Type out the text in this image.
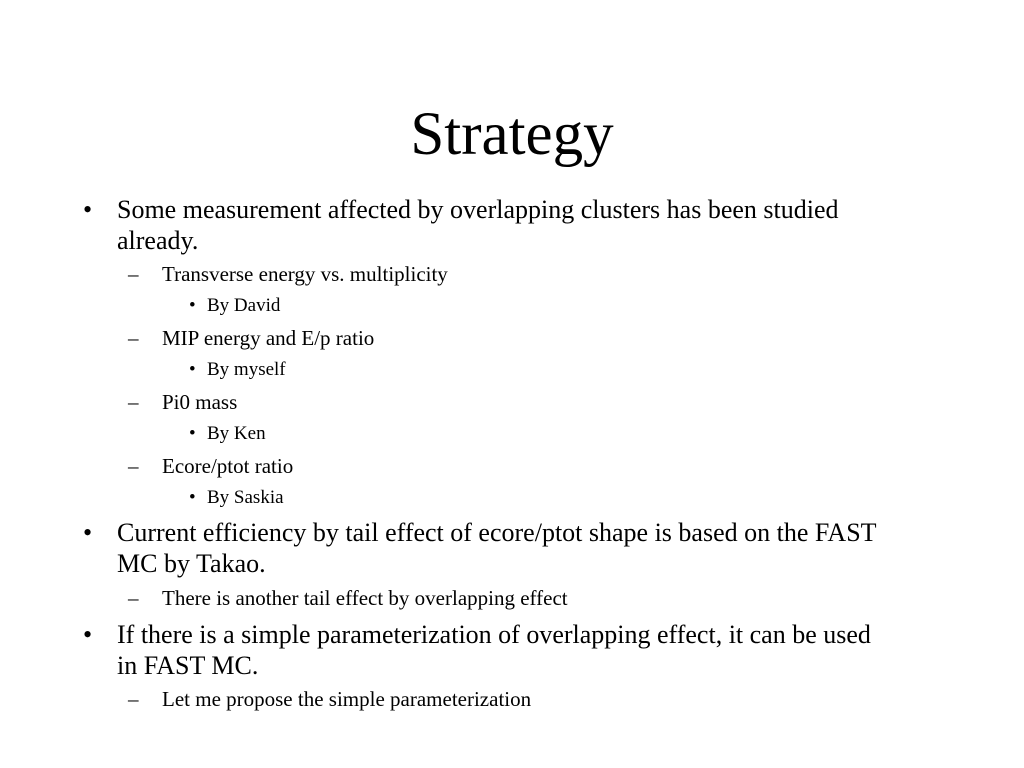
Strategy
• Some measurement affected by overlapping clusters has been studied
already.
– Transverse energy vs. multiplicity
• By David
– MIP energy and E/p ratio
• By myself
– Pi0 mass
• By Ken
– Ecore/ptot ratio
• By Saskia
• Current efficiency by tail effect of ecore/ptot shape is based on the FAST
MC by Takao.
– There is another tail effect by overlapping effect
• If there is a simple parameterization of overlapping effect, it can be used
in FAST MC.
– Let me propose the simple parameterization
